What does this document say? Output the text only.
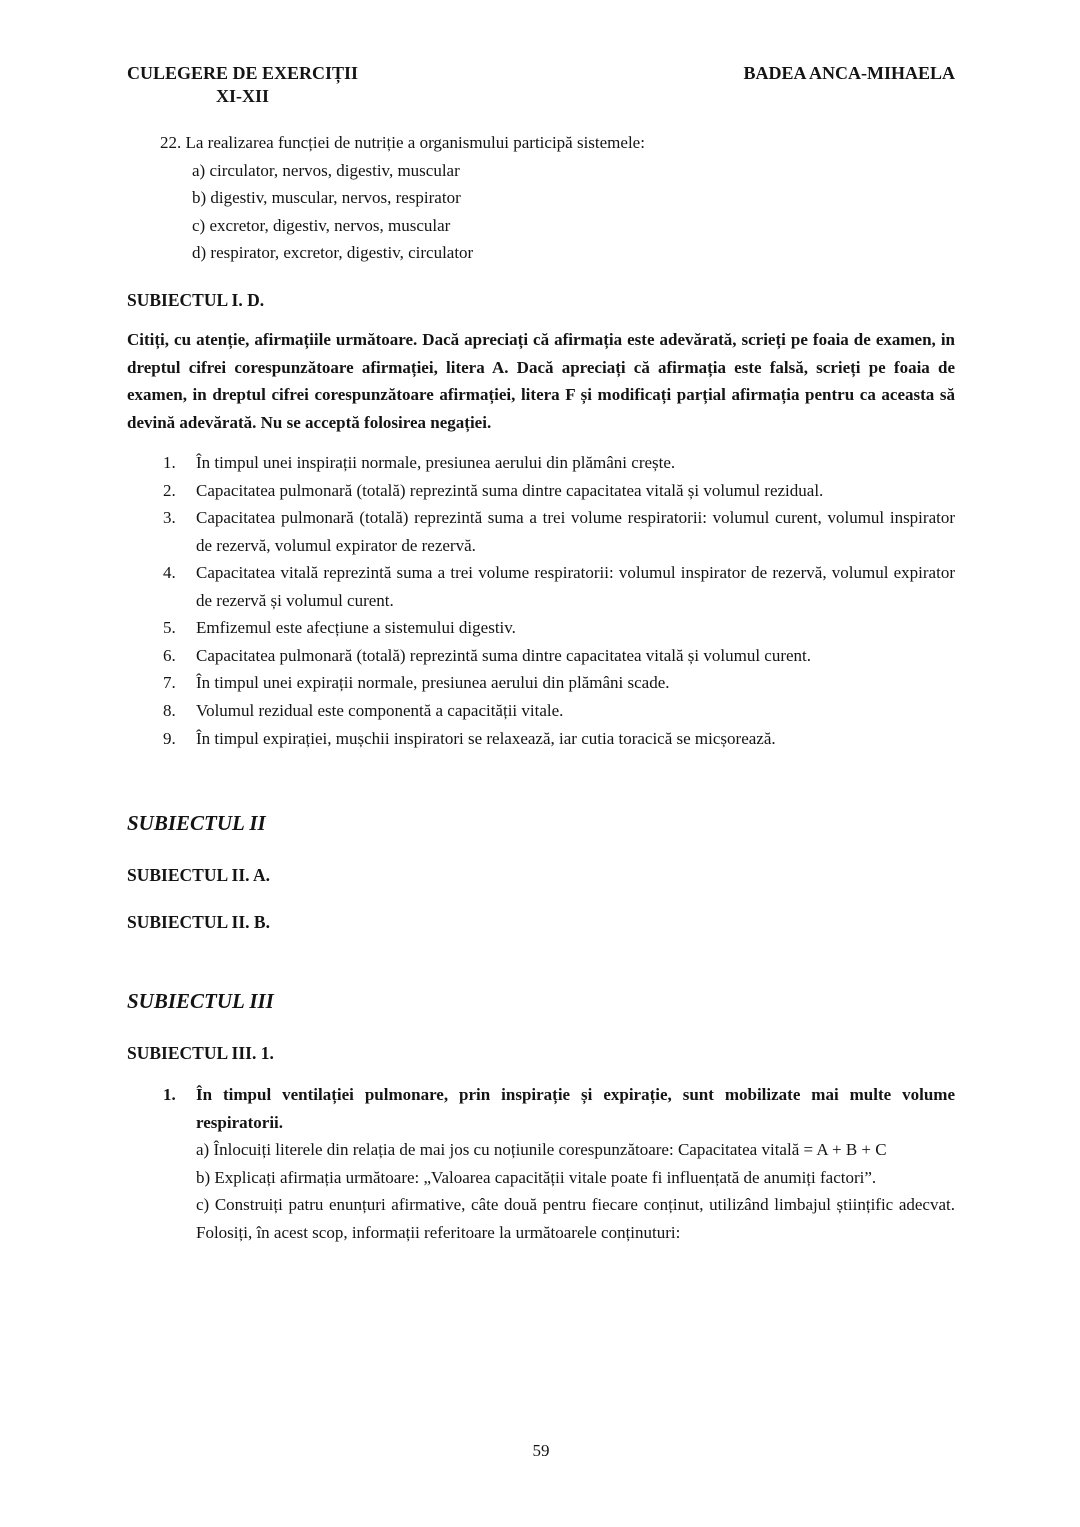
CULEGERE DE EXERCIȚII
XI-XII
BADEA ANCA-MIHAELA
22. La realizarea funcției de nutriție a organismului participă sistemele:
a) circulator, nervos, digestiv, muscular
b) digestiv, muscular, nervos, respirator
c) excretor, digestiv, nervos, muscular
d) respirator, excretor, digestiv, circulator
SUBIECTUL I. D.

Citiți, cu atenție, afirmațiile următoare. Dacă apreciați că afirmația este adevărată, scrieți pe foaia de examen, in dreptul cifrei corespunzătoare afirmației, litera A. Dacă apreciați că afirmația este falsă, scrieți pe foaia de examen, in dreptul cifrei corespunzătoare afirmației, litera F și modificați parțial afirmația pentru ca aceasta să devină adevărată. Nu se acceptă folosirea negației.

1. În timpul unei inspirații normale, presiunea aerului din plămâni crește.
2. Capacitatea pulmonară (totală) reprezintă suma dintre capacitatea vitală și volumul rezidual.
3. Capacitatea pulmonară (totală) reprezintă suma a trei volume respiratorii: volumul curent, volumul inspirator de rezervă, volumul expirator de rezervă.
4. Capacitatea vitală reprezintă suma a trei volume respiratorii: volumul inspirator de rezervă, volumul expirator de rezervă și volumul curent.
5. Emfizemul este afecțiune a sistemului digestiv.
6. Capacitatea pulmonară (totală) reprezintă suma dintre capacitatea vitală și volumul curent.
7. În timpul unei expirații normale, presiunea aerului din plămâni scade.
8. Volumul rezidual este componentă a capacității vitale.
9. În timpul expirației, mușchii inspiratori se relaxează, iar cutia toracică se micșorează.
SUBIECTUL II
SUBIECTUL II. A.
SUBIECTUL II. B.
SUBIECTUL III
SUBIECTUL III. 1.
1. În timpul ventilației pulmonare, prin inspirație și expirație, sunt mobilizate mai multe volume respiratorii.

a) Înlocuiți literele din relația de mai jos cu noțiunile corespunzătoare: Capacitatea vitală = A + B + C

b) Explicați afirmația următoare: „Valoarea capacității vitale poate fi influențată de anumiți factori”.

c) Construiți patru enunțuri afirmative, câte două pentru fiecare conținut, utilizând limbajul științific adecvat. Folosiți, în acest scop, informații referitoare la următoarele conținuturi:

59
